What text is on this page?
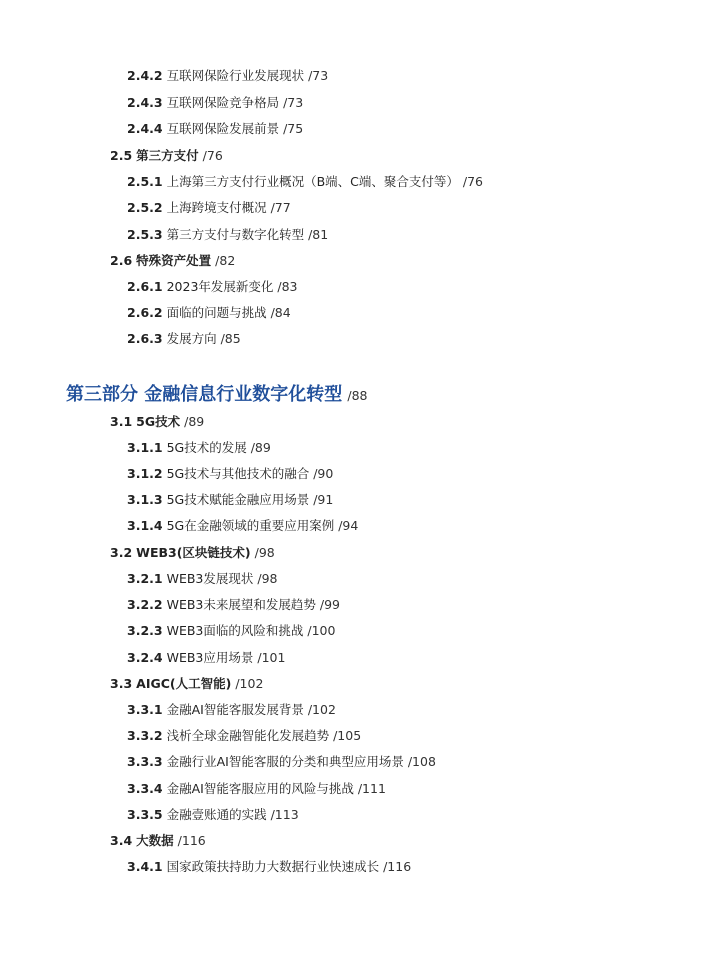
2.4.2 互联网保险行业发展现状 /73
2.4.3 互联网保险竞争格局 /73
2.4.4 互联网保险发展前景 /75
2.5 第三方支付 /76
2.5.1 上海第三方支付行业概况（B端、C端、聚合支付等） /76
2.5.2 上海跨境支付概况 /77
2.5.3 第三方支付与数字化转型 /81
2.6 特殊资产处置 /82
2.6.1 2023年发展新变化 /83
2.6.2 面临的问题与挑战 /84
2.6.3 发展方向 /85
第三部分 金融信息行业数字化转型 /88
3.1 5G技术 /89
3.1.1 5G技术的发展 /89
3.1.2 5G技术与其他技术的融合 /90
3.1.3 5G技术赋能金融应用场景 /91
3.1.4 5G在金融领域的重要应用案例 /94
3.2 WEB3(区块链技术) /98
3.2.1 WEB3发展现状 /98
3.2.2 WEB3未来展望和发展趋势 /99
3.2.3 WEB3面临的风险和挑战 /100
3.2.4 WEB3应用场景 /101
3.3 AIGC(人工智能) /102
3.3.1 金融AI智能客服发展背景 /102
3.3.2 浅析全球金融智能化发展趋势 /105
3.3.3 金融行业AI智能客服的分类和典型应用场景 /108
3.3.4 金融AI智能客服应用的风险与挑战 /111
3.3.5 金融壹账通的实践 /113
3.4 大数据 /116
3.4.1 国家政策扶持助力大数据行业快速成长 /116
